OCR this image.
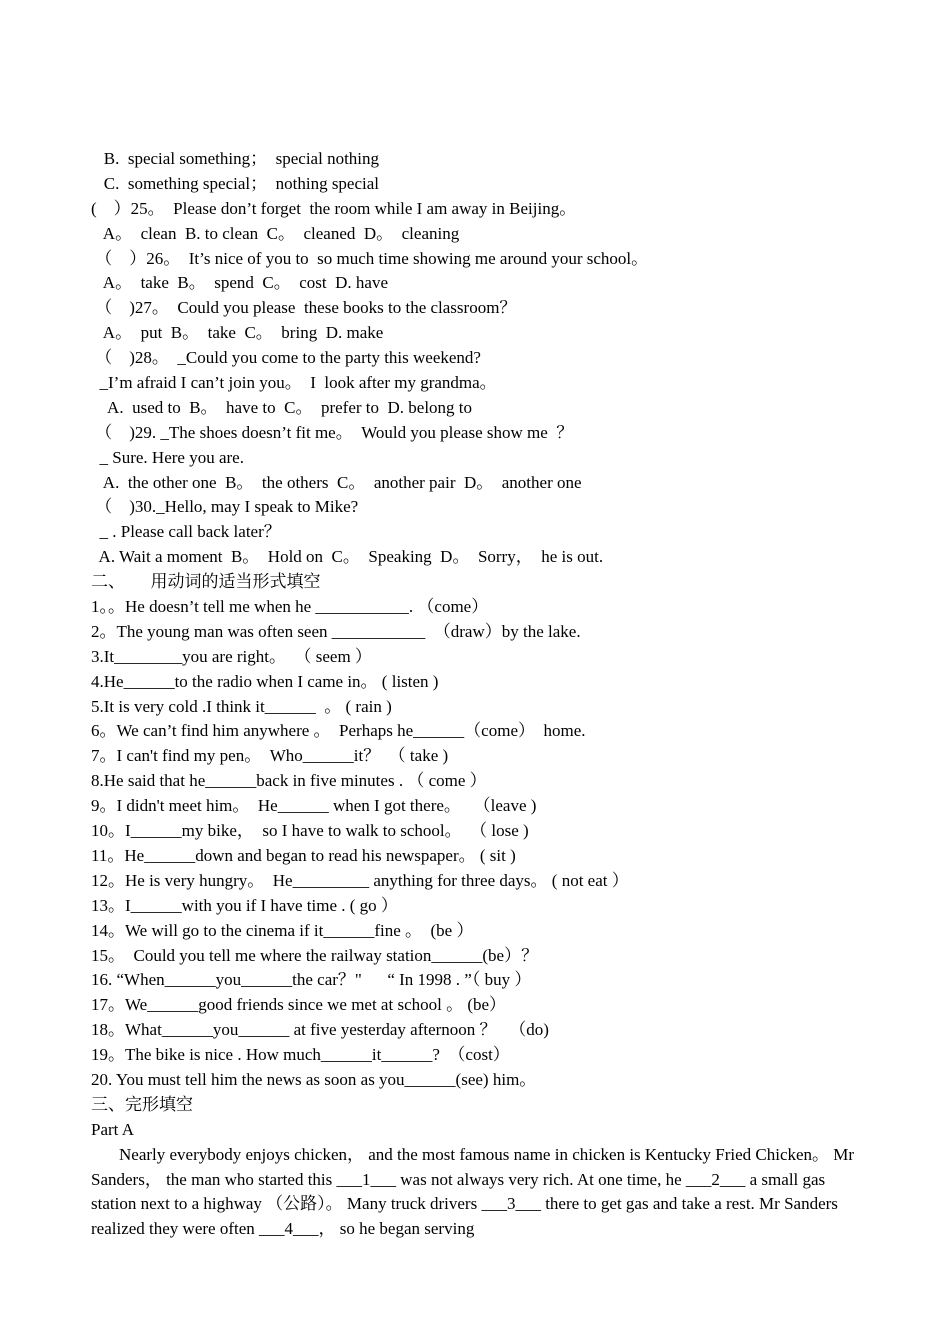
B.  special something；  special nothing
C.  something special；  nothing special
(    ）25。  Please don’t forget  the room while I am away in Beijing。
A。  clean  B. to clean  C。  cleaned  D。  cleaning
（    ）26。  It’s nice of you to  so much time showing me around your school。
A。  take  B。  spend  C。  cost  D. have
（    )27。  Could you please  these books to the classroom？
A。  put  B。  take  C。  bring  D. make
（    )28。  _Could you come to the party this weekend?
_I’m afraid I can’t join you。  I  look after my grandma。
A.  used to  B。  have to  C。  prefer to  D. belong to
（    )29. _The shoes doesn’t fit me。  Would you please show me  ？
_ Sure. Here you are.
A.  the other one  B。  the others  C。  another pair  D。  another one
（    )30._Hello, may I speak to Mike?
_ . Please call back later？
A. Wait a moment  B。  Hold on  C。  Speaking  D。  Sorry，  he is out.
二、      用动词的适当形式填空
1。。He doesn’t tell me when he ___________. （come）
2。The young man was often seen ___________  （draw）by the lake.
3.It________you are right。  （ seem ）
4.He______to the radio when I came in。 ( listen )
5.It is very cold .I think it______  。 ( rain )
6。We can’t find him anywhere 。  Perhaps he______（come）  home.
7。I can't find my pen。  Who______it？  （ take )
8.He said that he______back in five minutes . （ come ）
9。I didn't meet him。  He______ when I got there。   （leave )
10。I______my bike，  so I have to walk to school。  （ lose )
11。He______down and began to read his newspaper。 ( sit )
12。He is very hungry。  He_________ anything for three days。 ( not eat ）
13。I______with you if I have time . ( go ）
14。We will go to the cinema if it______fine 。  (be ）
15。  Could you tell me where the railway station______(be）？
16. “When______you______the car？"      “ In 1998 . ”（ buy ）
17。We______good friends since we met at school 。 (be）
18。What______you______ at five yesterday afternoon ？   （do)
19。The bike is nice . How much______it______?  （cost）
20. You must tell him the news as soon as you______(see) him。
三、完形填空
Part A
Nearly everybody enjoys chicken， and the most famous name in chicken is Kentucky Fried Chicken。 Mr Sanders， the man who started this ___1___ was not always very rich. At one time, he ___2___ a small gas station next to a highway （公路）。 Many truck drivers ___3___ there to get gas and take a rest. Mr Sanders realized they were often ___4___， so he began serving
